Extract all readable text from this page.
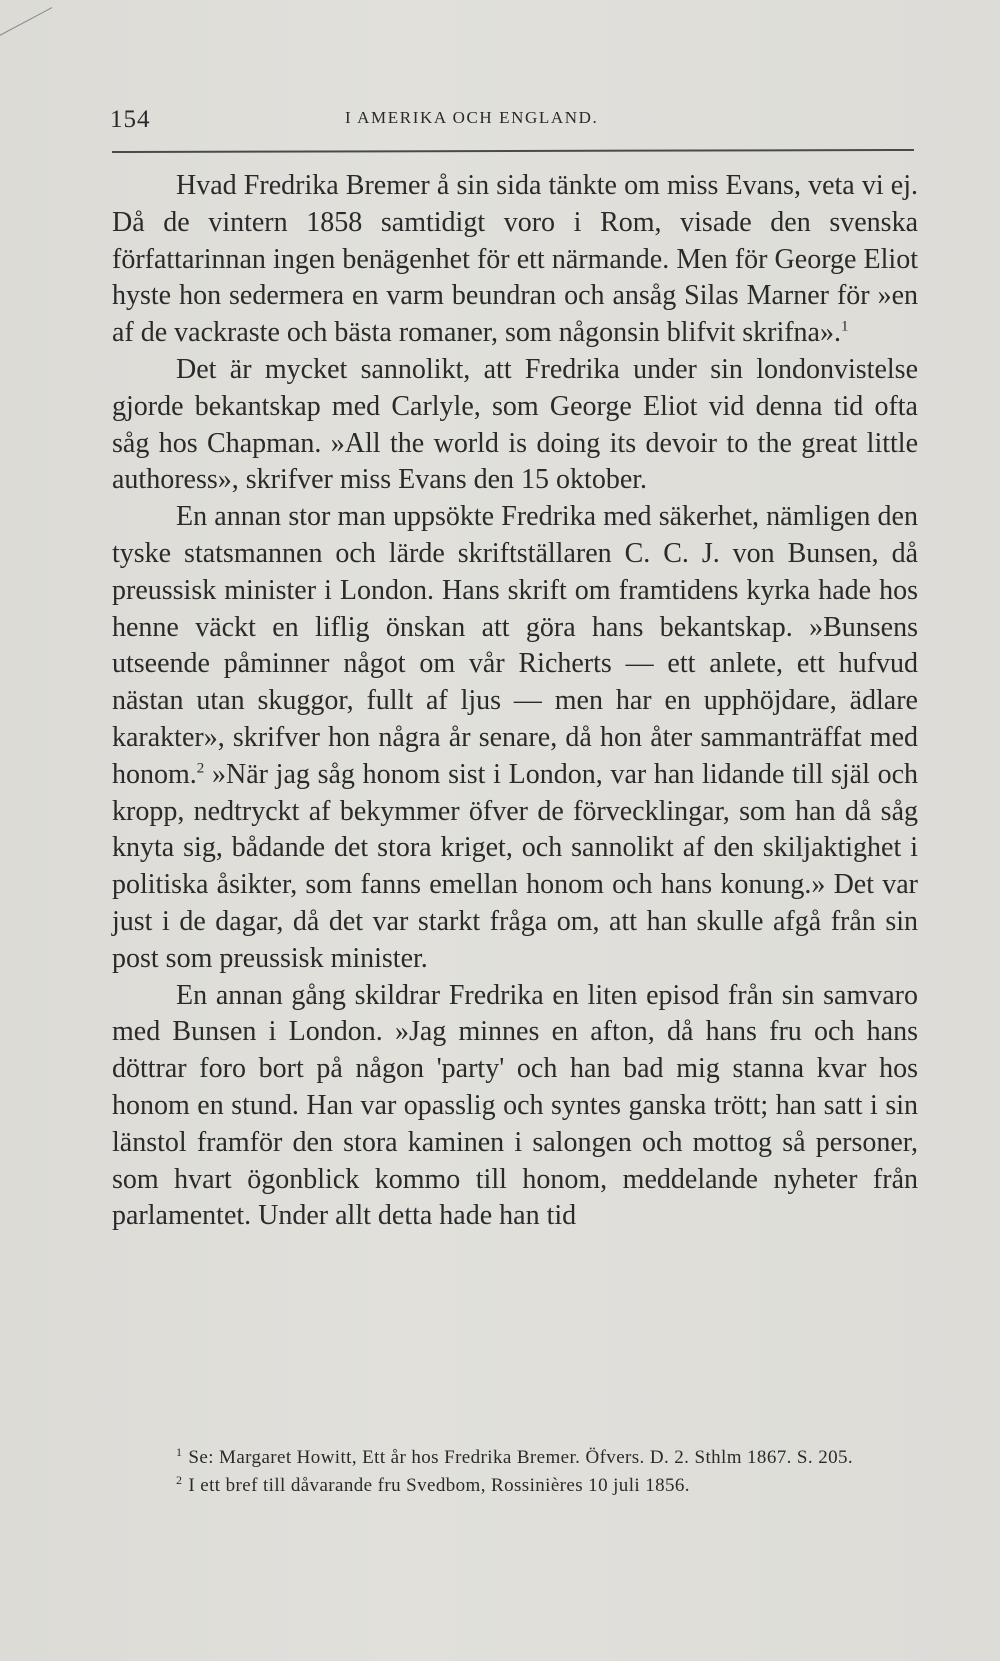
154	I AMERIKA OCH ENGLAND.

Hvad Fredrika Bremer å sin sida tänkte om miss Evans, veta vi ej. Då de vintern 1858 samtidigt voro i Rom, visade den svenska författarinnan ingen benägenhet för ett närmande. Men för George Eliot hyste hon sedermera en varm beundran och ansåg Silas Marner för »en af de vackraste och bästa romaner, som någonsin blifvit skrifna».$^1$

Det är mycket sannolikt, att Fredrika under sin londonvistelse gjorde bekantskap med Carlyle, som George Eliot vid denna tid ofta såg hos Chapman. »All the world is doing its devoir to the great little authoress», skrifver miss Evans den 15 oktober.

En annan stor man uppsökte Fredrika med säkerhet, nämligen den tyske statsmannen och lärde skriftställaren C. C. J. von Bunsen, då preussisk minister i London. Hans skrift om framtidens kyrka hade hos henne väckt en liflig önskan att göra hans bekantskap. »Bunsens utseende påminner något om vår Richerts — ett anlete, ett hufvud nästan utan skuggor, fullt af ljus — men har en upphöjdare, ädlare karakter», skrifver hon några år senare, då hon åter sammanträffat med honom.$^2$ »När jag såg honom sist i London, var han lidande till själ och kropp, nedtryckt af bekymmer öfver de förvecklingar, som han då såg knyta sig, bådande det stora kriget, och sannolikt af den skiljaktighet i politiska åsikter, som fanns emellan honom och hans konung.» Det var just i de dagar, då det var starkt fråga om, att han skulle afgå från sin post som preussisk minister.

En annan gång skildrar Fredrika en liten episod från sin samvaro med Bunsen i London. »Jag minnes en afton, då hans fru och hans döttrar foro bort på någon 'party' och han bad mig stanna kvar hos honom en stund. Han var opasslig och syntes ganska trött; han satt i sin länstol framför den stora kaminen i salongen och mottog så personer, som hvart ögonblick kommo till honom, meddelande nyheter från parlamentet. Under allt detta hade han tid

$^1$ Se: Margaret Howitt, Ett år hos Fredrika Bremer. Öfvers. D. 2. Sthlm 1867. S. 205.

$^2$ I ett bref till dåvarande fru Svedbom, Rossinières 10 juli 1856.
